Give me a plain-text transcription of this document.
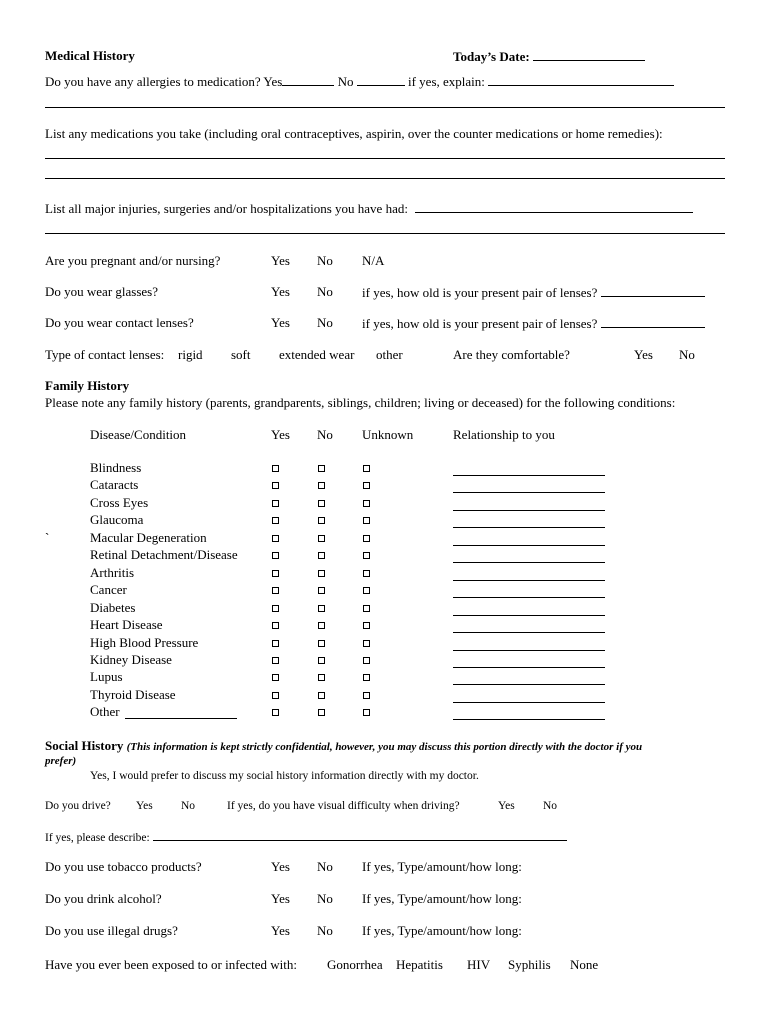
Medical History	Today’s Date:
Do you have any allergies to medication? Yes	No	if yes, explain:
List any medications you take (including oral contraceptives, aspirin, over the counter medications or home remedies):
List all major injuries, surgeries and/or hospitalizations you have had:
Are you pregnant and/or nursing?	Yes No N/A
Do you wear glasses?	Yes No if yes, how old is your present pair of lenses?
Do you wear contact lenses?	Yes No if yes, how old is your present pair of lenses?
Type of contact lenses: rigid soft extended wear other	Are they comfortable?	Yes No
Family History
Please note any family history (parents, grandparents, siblings, children; living or deceased) for the following conditions:
Disease/Condition	Yes No Unknown	Relationship to you
`
Blindness
Cataracts
Cross Eyes
Glaucoma
Macular Degeneration
Retinal Detachment/Disease
Arthritis
Cancer
Diabetes
Heart Disease
High Blood Pressure
Kidney Disease
Lupus
Thyroid Disease
Other
Social History (This information is kept strictly confidential, however, you may discuss this portion directly with the doctor if you
prefer)
Yes, I would prefer to discuss my social history information directly with my doctor.
Do you drive? Yes No	If yes, do you have visual difficulty when driving?	Yes No
If yes, please describe:
Do you use tobacco products?	Yes No If yes, Type/amount/how long:
Do you drink alcohol?	Yes No If yes, Type/amount/how long:
Do you use illegal drugs?	Yes No If yes, Type/amount/how long:
Have you ever been exposed to or infected with: Gonorrhea Hepatitis HIV Syphilis None
